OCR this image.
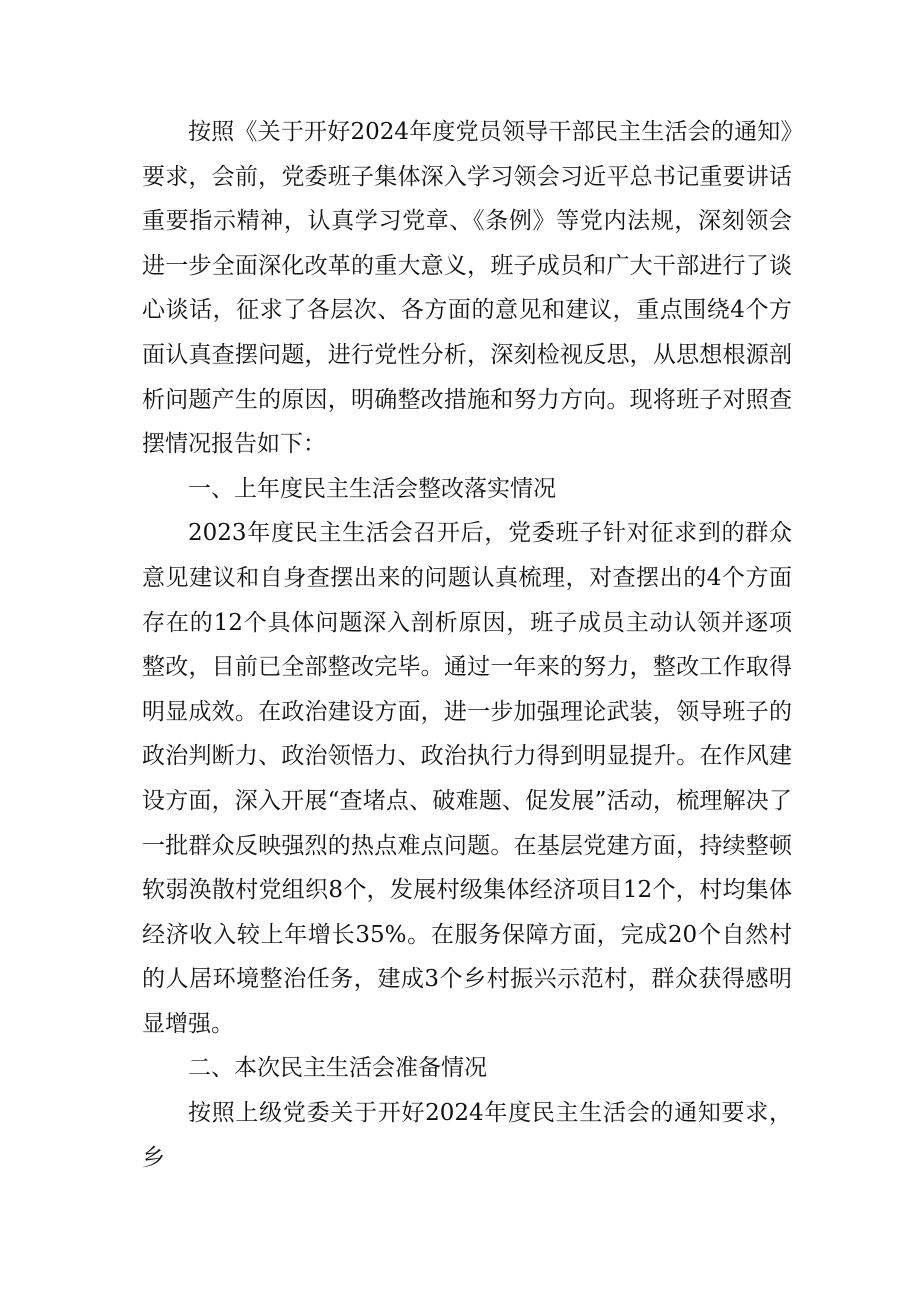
按照《关于开好2024年度党员领导干部民主生活会的通知》要求，会前，党委班子集体深入学习领会习近平总书记重要讲话重要指示精神，认真学习党章、《条例》等党内法规，深刻领会进一步全面深化改革的重大意义，班子成员和广大干部进行了谈心谈话，征求了各层次、各方面的意见和建议，重点围绕4个方面认真查摆问题，进行党性分析，深刻检视反思，从思想根源剖析问题产生的原因，明确整改措施和努力方向。现将班子对照查摆情况报告如下：

一、上年度民主生活会整改落实情况

2023年度民主生活会召开后，党委班子针对征求到的群众意见建议和自身查摆出来的问题认真梳理，对查摆出的4个方面存在的12个具体问题深入剖析原因，班子成员主动认领并逐项整改，目前已全部整改完毕。通过一年来的努力，整改工作取得明显成效。在政治建设方面，进一步加强理论武装，领导班子的政治判断力、政治领悟力、政治执行力得到明显提升。在作风建设方面，深入开展“查堵点、破难题、促发展”活动，梳理解决了一批群众反映强烈的热点难点问题。在基层党建方面，持续整顿软弱涣散村党组织8个，发展村级集体经济项目12个，村均集体经济收入较上年增长35%。在服务保障方面，完成20个自然村的人居环境整治任务，建成3个乡村振兴示范村，群众获得感明显增强。

二、本次民主生活会准备情况

按照上级党委关于开好2024年度民主生活会的通知要求，乡
